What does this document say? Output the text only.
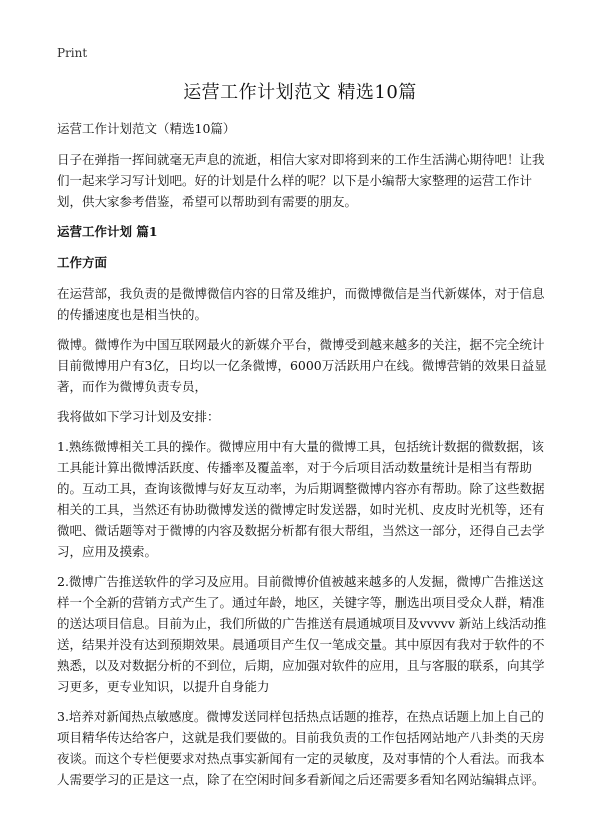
Print
运营工作计划范文 精选10篇

运营工作计划范文（精选10篇）

日子在弹指一挥间就毫无声息的流逝，相信大家对即将到来的工作生活满心期待吧！让我们一起来学习写计划吧。好的计划是什么样的呢？以下是小编帮大家整理的运营工作计划，供大家参考借鉴，希望可以帮助到有需要的朋友。

运营工作计划 篇1

工作方面

在运营部，我负责的是微博微信内容的日常及维护，而微博微信是当代新媒体，对于信息的传播速度也是相当快的。

微博。微博作为中国互联网最火的新媒介平台，微博受到越来越多的关注，据不完全统计目前微博用户有3亿，日均以一亿条微博，6000万活跃用户在线。微博营销的效果日益显著，而作为微博负责专员，

我将做如下学习计划及安排：

1.熟练微博相关工具的操作。微博应用中有大量的微博工具，包括统计数据的微数据，该工具能计算出微博活跃度、传播率及覆盖率，对于今后项目活动数量统计是相当有帮助的。互动工具，查询该微博与好友互动率，为后期调整微博内容亦有帮助。除了这些数据相关的工具，当然还有协助微博发送的微博定时发送器，如时光机、皮皮时光机等，还有微吧、微话题等对于微博的内容及数据分析都有很大帮组，当然这一部分，还得自己去学习，应用及摸索。

2.微博广告推送软件的学习及应用。目前微博价值被越来越多的人发掘，微博广告推送这样一个全新的营销方式产生了。通过年龄，地区，关键字等，删选出项目受众人群，精准的送达项目信息。目前为止，我们所做的广告推送有晨通城项目及vvvvv 新站上线活动推送，结果并没有达到预期效果。晨通项目产生仅一笔成交量。其中原因有我对于软件的不熟悉，以及对数据分析的不到位，后期，应加强对软件的应用，且与客服的联系，向其学习更多，更专业知识，以提升自身能力

3.培养对新闻热点敏感度。微博发送同样包括热点话题的推荐，在热点话题上加上自己的项目精华传达给客户，这就是我们要做的。目前我负责的工作包括网站地产八卦类的天房夜谈。而这个专栏便要求对热点事实新闻有一定的灵敏度，及对事情的个人看法。而我本人需要学习的正是这一点，除了在空闲时间多看新闻之后还需要多看知名网站编辑点评。
